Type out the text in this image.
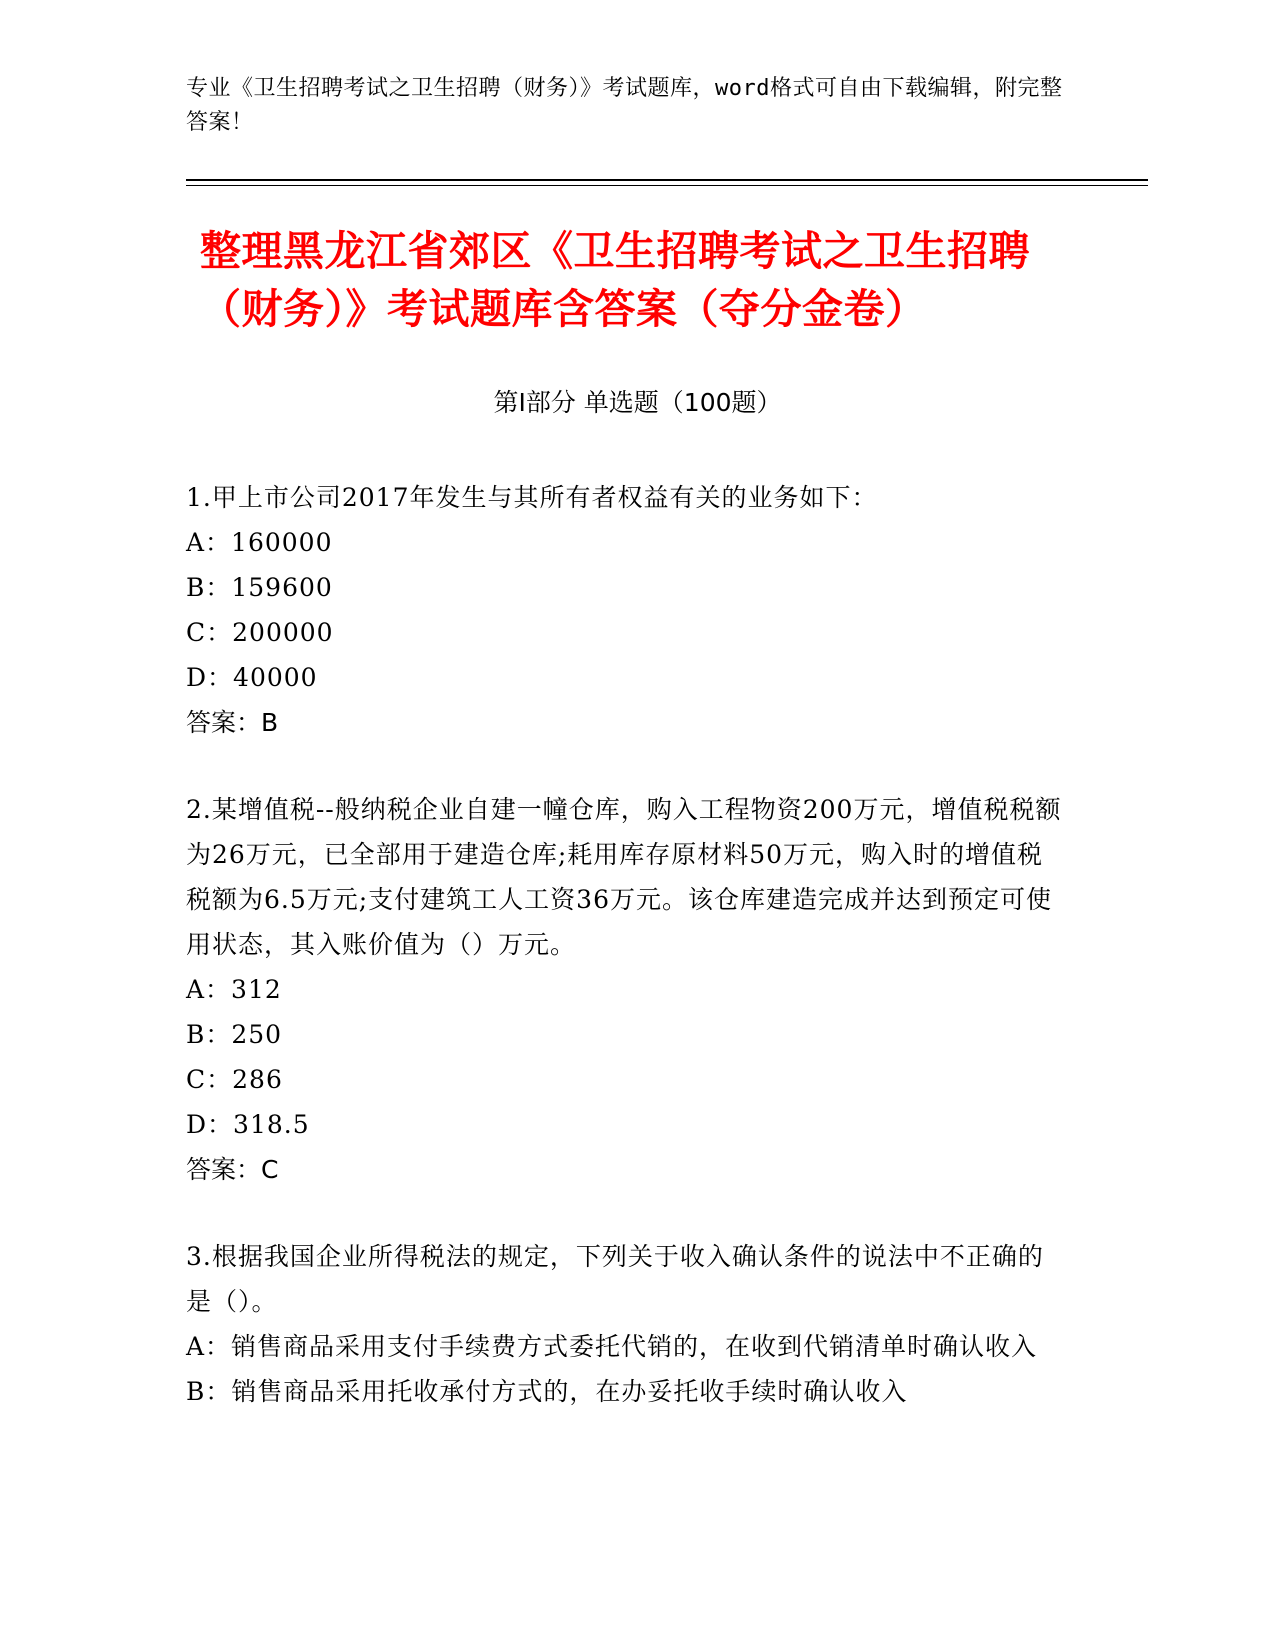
专业《卫生招聘考试之卫生招聘（财务）》考试题库，word格式可自由下载编辑，附完整答案！
整理黑龙江省郊区《卫生招聘考试之卫生招聘（财务）》考试题库含答案（夺分金卷）
第Ⅰ部分 单选题（100题）
1.甲上市公司2017年发生与其所有者权益有关的业务如下：
A：160000
B：159600
C：200000
D：40000
答案：B
2.某增值税--般纳税企业自建一幢仓库，购入工程物资200万元，增值税税额为26万元，已全部用于建造仓库;耗用库存原材料50万元，购入时的增值税税额为6.5万元;支付建筑工人工资36万元。该仓库建造完成并达到预定可使用状态，其入账价值为（）万元。
A：312
B：250
C：286
D：318.5
答案：C
3.根据我国企业所得税法的规定，下列关于收入确认条件的说法中不正确的是（）。
A：销售商品采用支付手续费方式委托代销的，在收到代销清单时确认收入
B：销售商品采用托收承付方式的，在办妥托收手续时确认收入
